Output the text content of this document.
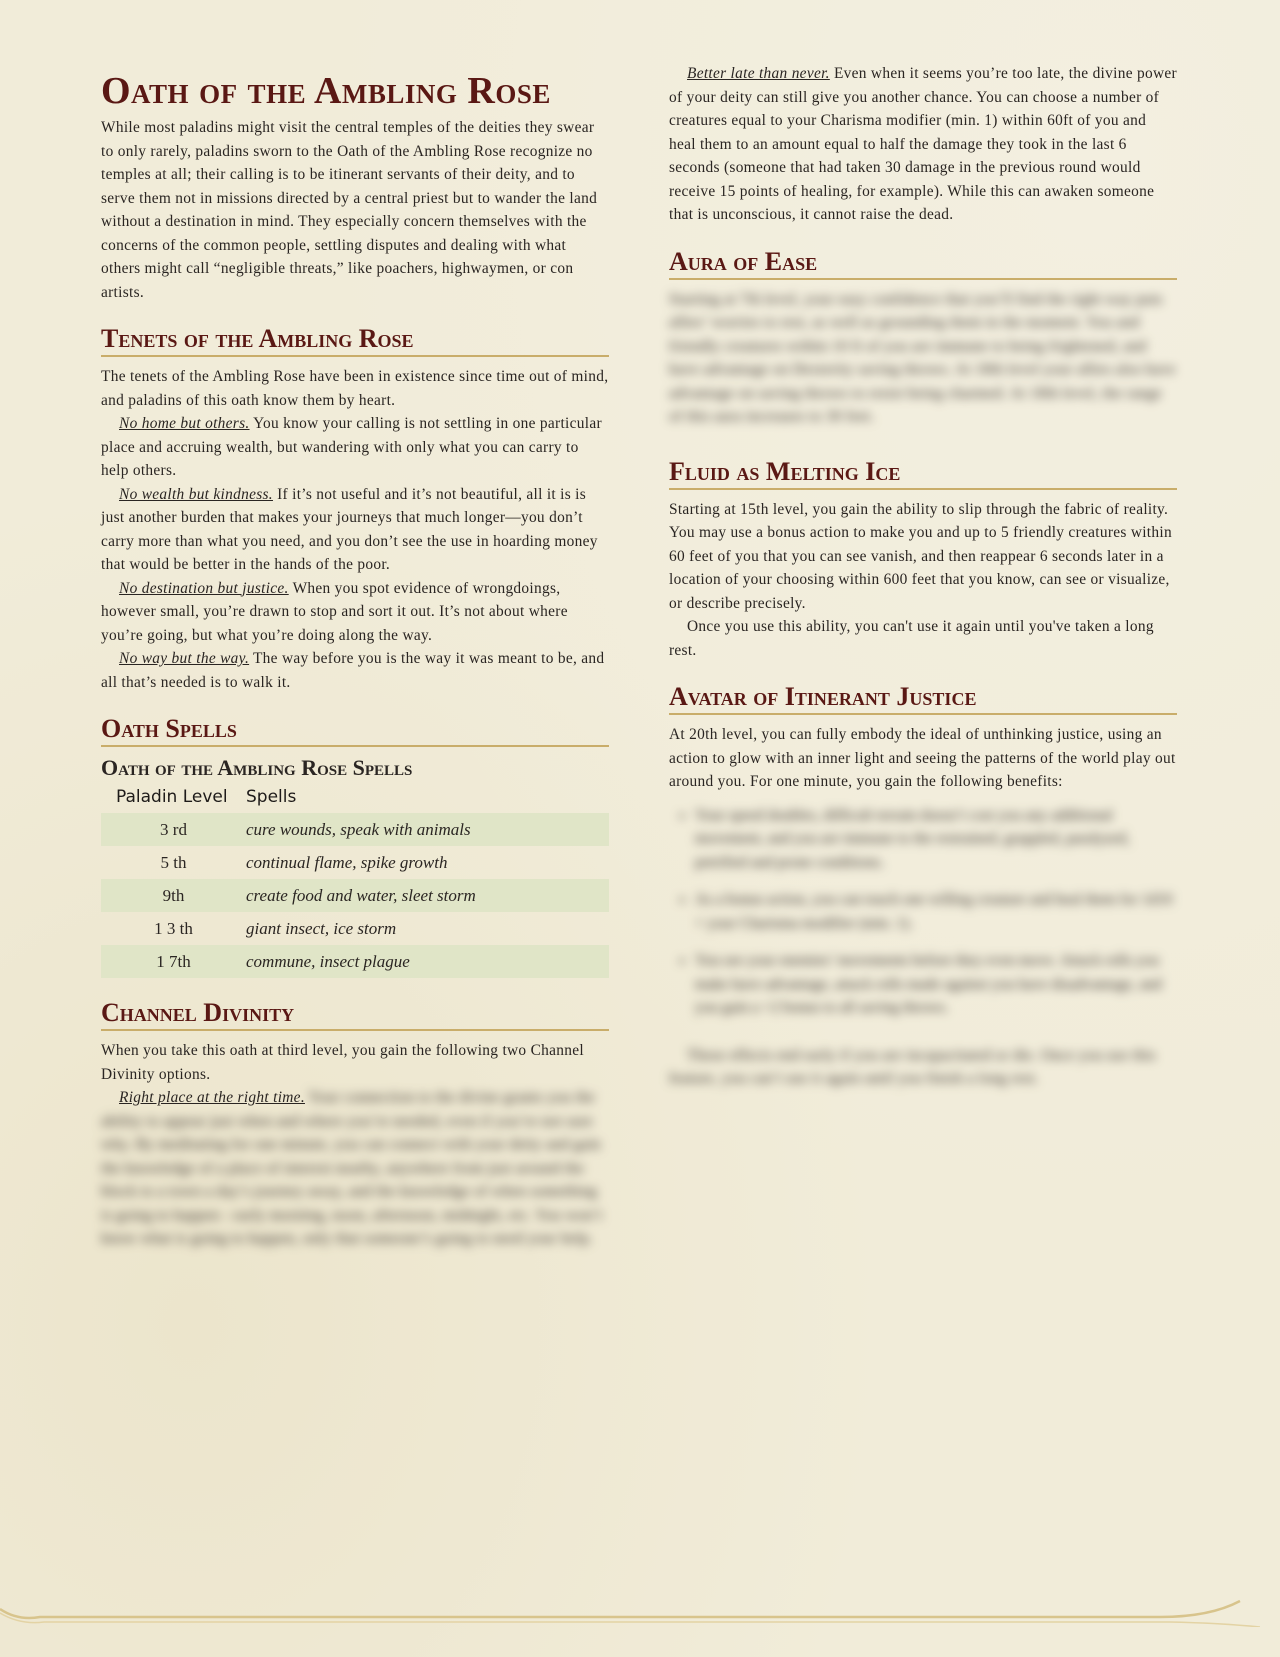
Oath of the Ambling Rose

While most paladins might visit the central temples of the deities they swear to only rarely, paladins sworn to the Oath of the Ambling Rose recognize no temples at all; their calling is to be itinerant servants of their deity, and to serve them not in missions directed by a central priest but to wander the land without a destination in mind. They especially concern themselves with the concerns of the common people, settling disputes and dealing with what others might call “negligible threats,” like poachers, highwaymen, or con artists.

Tenets of the Ambling Rose

The tenets of the Ambling Rose have been in existence since time out of mind, and paladins of this oath know them by heart.

No home but others. You know your calling is not settling in one particular place and accruing wealth, but wandering with only what you can carry to help others.

No wealth but kindness. If it’s not useful and it’s not beautiful, all it is is just another burden that makes your journeys that much longer—you don’t carry more than what you need, and you don’t see the use in hoarding money that would be better in the hands of the poor.

No destination but justice. When you spot evidence of wrongdoings, however small, you’re drawn to stop and sort it out. It’s not about where you’re going, but what you’re doing along the way.

No way but the way. The way before you is the way it was meant to be, and all that’s needed is to walk it.

Oath Spells
Oath of the Ambling Rose Spells
Paladin Level	Spells
3 rd	cure wounds, speak with animals
5 th	continual flame, spike growth
9th	create food and water, sleet storm
1 3 th	giant insect, ice storm
1 7th	commune, insect plague
Channel Divinity

When you take this oath at third level, you gain the following two Channel Divinity options.

Right place at the right time. Your connection to the divine grants you the ability to appear just when and where you’re needed, even if you’re not sure why. By meditating for one minute, you can connect with your deity and gain the knowledge of a place of interest nearby, anywhere from just around the block to a town a day’s journey away, and the knowledge of when something is going to happen - early morning, noon, afternoon, midnight, etc. You won’t know what is going to happen, only that someone’s going to need your help.

Better late than never. Even when it seems you’re too late, the divine power of your deity can still give you another chance. You can choose a number of creatures equal to your Charisma modifier (min. 1) within 60ft of you and heal them to an amount equal to half the damage they took in the last 6 seconds (someone that had taken 30 damage in the previous round would receive 15 points of healing, for example). While this can awaken someone that is unconscious, it cannot raise the dead.

Aura of Ease

Starting at 7th level, your easy confidence that you’ll find the right way puts allies’ worries to rest, as well as grounding them in the moment. You and friendly creatures within 10 ft of you are immune to being frightened, and have advantage on Dexterity saving throws. At 18th level your allies also have advantage on saving throws to resist being charmed. At 18th level, the range of this aura increases to 30 feet.

Fluid as Melting Ice

Starting at 15th level, you gain the ability to slip through the fabric of reality. You may use a bonus action to make you and up to 5 friendly creatures within 60 feet of you that you can see vanish, and then reappear 6 seconds later in a location of your choosing within 600 feet that you know, can see or visualize, or describe precisely.

Once you use this ability, you can't use it again until you've taken a long rest.

Avatar of Itinerant Justice

At 20th level, you can fully embody the ideal of unthinking justice, using an action to glow with an inner light and seeing the patterns of the world play out around you. For one minute, you gain the following benefits:

• Your speed doubles, difficult terrain doesn’t cost you any additional movement, and you are immune to the restrained, grappled, paralyzed, petrified and prone conditions.
• As a bonus action, you can touch one willing creature and heal them for 1d10 + your Charisma modifier (min. 1).
• You see your enemies’ movements before they even move. Attack rolls you make have advantage, attack rolls made against you have disadvantage, and you gain a +2 bonus to all saving throws.

These effects end early if you are incapacitated or die. Once you use this feature, you can’t use it again until you finish a long rest.
